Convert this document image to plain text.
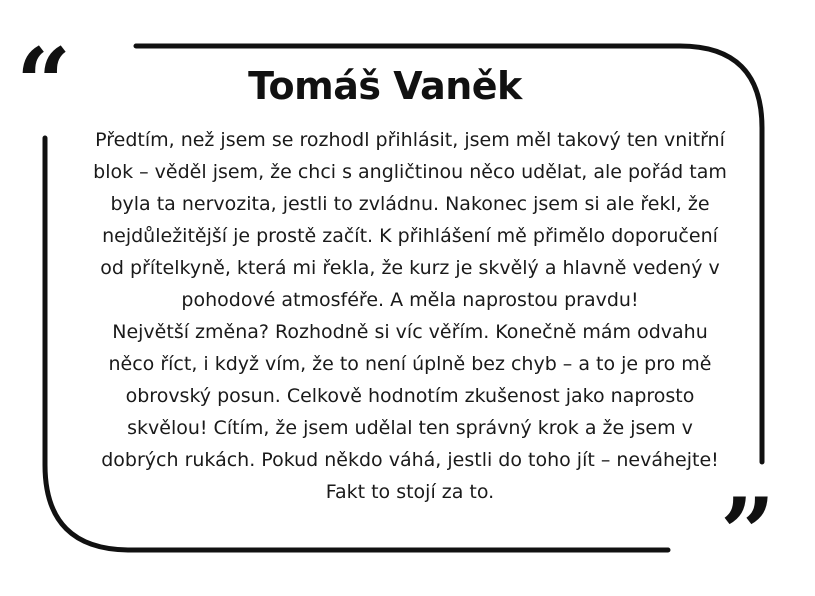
“
”
Tomáš Vaněk

Předtím, než jsem se rozhodl přihlásit, jsem měl takový ten vnitřní blok – věděl jsem, že chci s angličtinou něco udělat, ale pořád tam byla ta nervozita, jestli to zvládnu. Nakonec jsem si ale řekl, že nejdůležitější je prostě začít. K přihlášení mě přimělo doporučení od přítelkyně, která mi řekla, že kurz je skvělý a hlavně vedený v pohodové atmosféře. A měla naprostou pravdu!

Největší změna? Rozhodně si víc věřím. Konečně mám odvahu něco říct, i když vím, že to není úplně bez chyb – a to je pro mě obrovský posun. Celkově hodnotím zkušenost jako naprosto skvělou! Cítím, že jsem udělal ten správný krok a že jsem v dobrých rukách. Pokud někdo váhá, jestli do toho jít – neváhejte! Fakt to stojí za to.
